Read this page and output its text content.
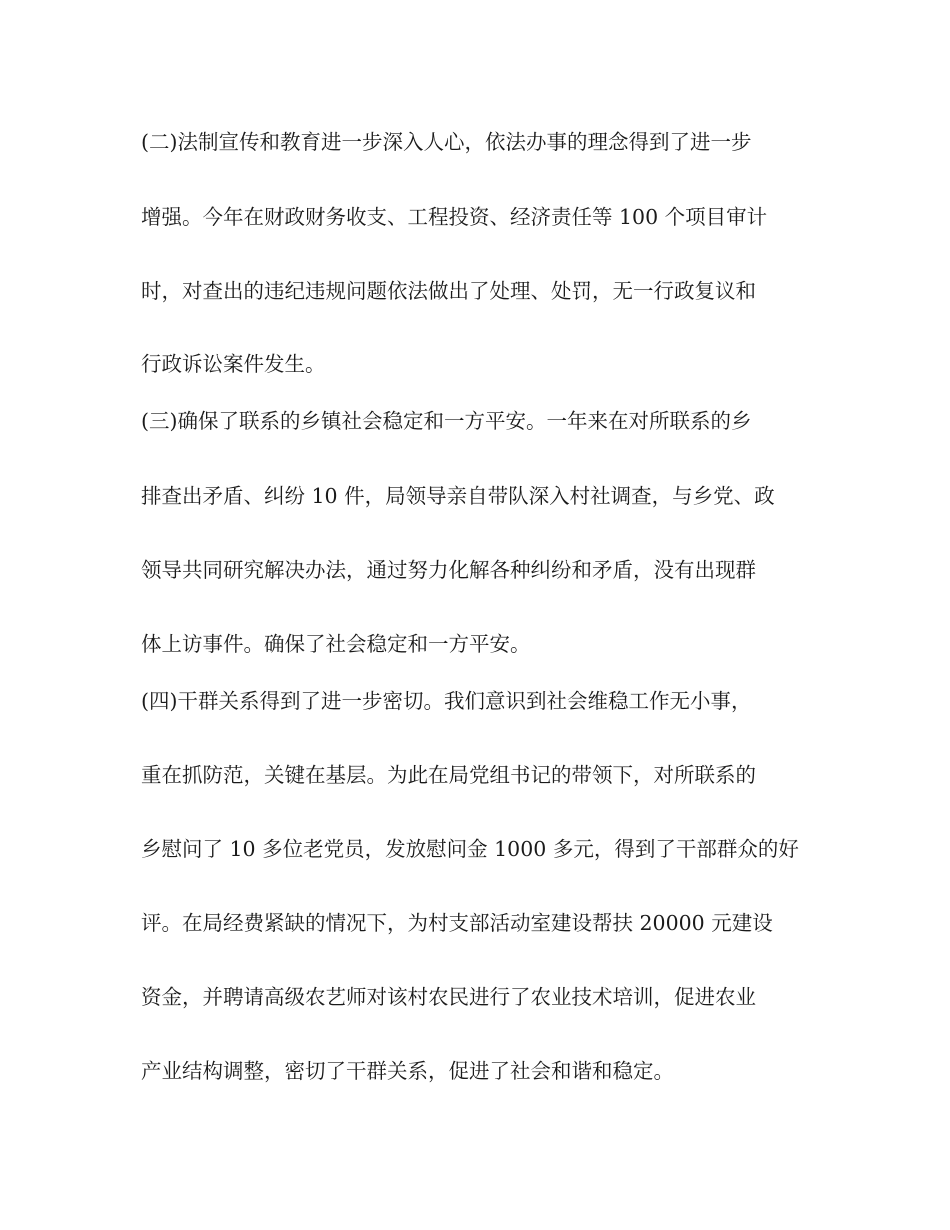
(二)法制宣传和教育进一步深入人心，依法办事的理念得到了进一步
增强。今年在财政财务收支、工程投资、经济责任等 100 个项目审计
时，对查出的违纪违规问题依法做出了处理、处罚，无一行政复议和
行政诉讼案件发生。
(三)确保了联系的乡镇社会稳定和一方平安。一年来在对所联系的乡
排查出矛盾、纠纷 10 件，局领导亲自带队深入村社调查，与乡党、政
领导共同研究解决办法，通过努力化解各种纠纷和矛盾，没有出现群
体上访事件。确保了社会稳定和一方平安。
(四)干群关系得到了进一步密切。我们意识到社会维稳工作无小事，
重在抓防范，关键在基层。为此在局党组书记的带领下，对所联系的
乡慰问了 10 多位老党员，发放慰问金 1000 多元，得到了干部群众的好
评。在局经费紧缺的情况下，为村支部活动室建设帮扶 20000 元建设
资金，并聘请高级农艺师对该村农民进行了农业技术培训，促进农业
产业结构调整，密切了干群关系，促进了社会和谐和稳定。
